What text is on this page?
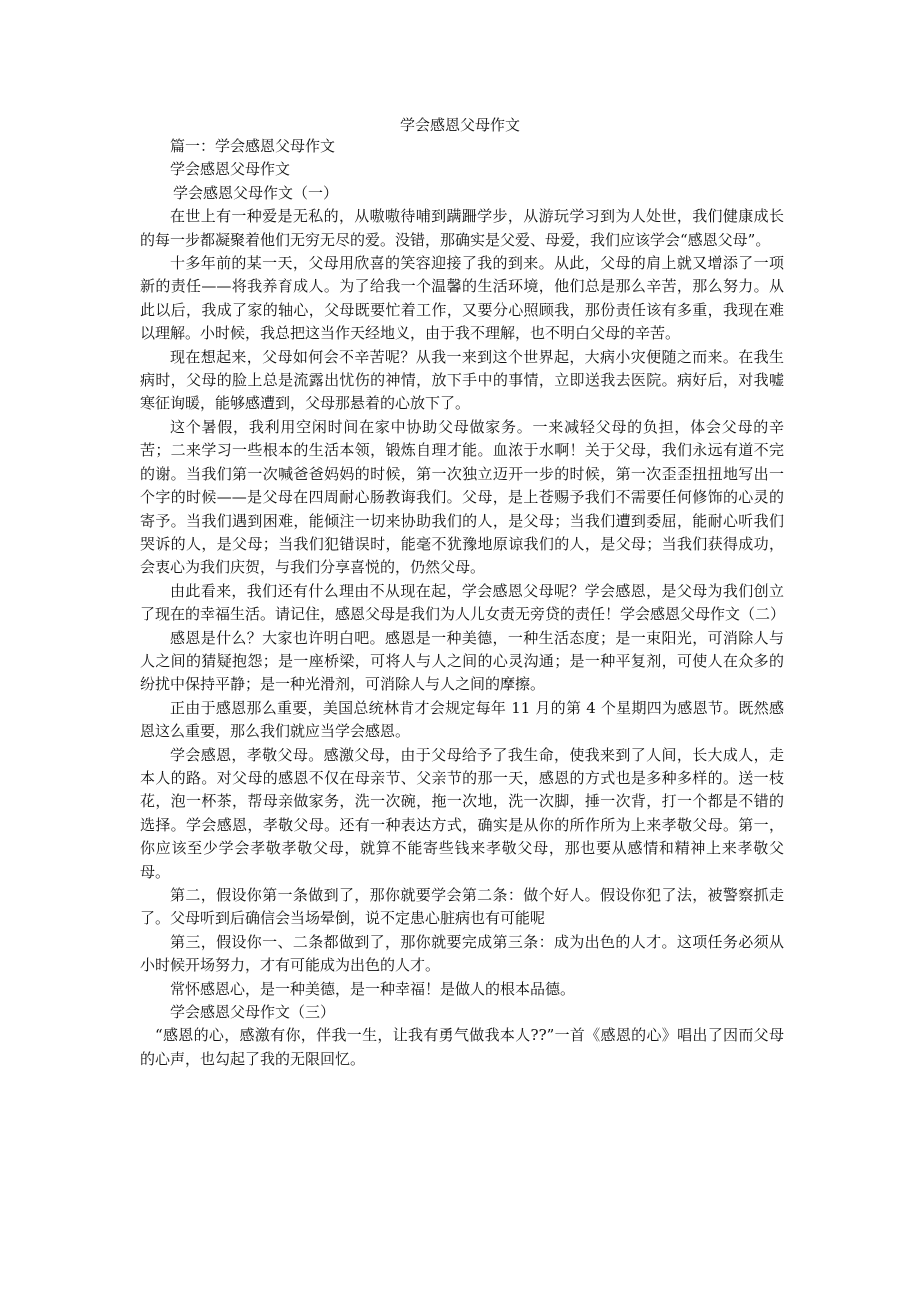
学会感恩父母作文

篇一：学会感恩父母作文

学会感恩父母作文

学会感恩父母作文（一）

在世上有一种爱是无私的，从嗷嗷待哺到蹒跚学步，从游玩学习到为人处世，我们健康成长的每一步都凝聚着他们无穷无尽的爱。没错，那确实是父爱、母爱，我们应该学会“感恩父母”。

十多年前的某一天，父母用欣喜的笑容迎接了我的到来。从此，父母的肩上就又增添了一项新的责任——将我养育成人。为了给我一个温馨的生活环境，他们总是那么辛苦，那么努力。从此以后，我成了家的轴心，父母既要忙着工作，又要分心照顾我，那份责任该有多重，我现在难以理解。小时候，我总把这当作天经地义，由于我不理解，也不明白父母的辛苦。

现在想起来，父母如何会不辛苦呢？从我一来到这个世界起，大病小灾便随之而来。在我生病时，父母的脸上总是流露出忧伤的神情，放下手中的事情，立即送我去医院。病好后，对我嘘寒征询暖，能够感遭到，父母那悬着的心放下了。

这个暑假，我利用空闲时间在家中协助父母做家务。一来减轻父母的负担，体会父母的辛苦；二来学习一些根本的生活本领，锻炼自理才能。血浓于水啊！关于父母，我们永远有道不完的谢。当我们第一次喊爸爸妈妈的时候，第一次独立迈开一步的时候，第一次歪歪扭扭地写出一个字的时候——是父母在四周耐心肠教诲我们。父母，是上苍赐予我们不需要任何修饰的心灵的寄予。当我们遇到困难，能倾注一切来协助我们的人，是父母；当我们遭到委屈，能耐心听我们哭诉的人，是父母；当我们犯错误时，能毫不犹豫地原谅我们的人，是父母；当我们获得成功，会衷心为我们庆贺，与我们分享喜悦的，仍然父母。

由此看来，我们还有什么理由不从现在起，学会感恩父母呢？学会感恩，是父母为我们创立了现在的幸福生活。请记住，感恩父母是我们为人儿女责无旁贷的责任！学会感恩父母作文（二）

感恩是什么？大家也许明白吧。感恩是一种美德，一种生活态度；是一束阳光，可消除人与人之间的猜疑抱怨；是一座桥梁，可将人与人之间的心灵沟通；是一种平复剂，可使人在众多的纷扰中保持平静；是一种光滑剂，可消除人与人之间的摩擦。

正由于感恩那么重要，美国总统林肯才会规定每年 11 月的第 4 个星期四为感恩节。既然感恩这么重要，那么我们就应当学会感恩。

学会感恩，孝敬父母。感激父母，由于父母给予了我生命，使我来到了人间，长大成人，走本人的路。对父母的感恩不仅在母亲节、父亲节的那一天，感恩的方式也是多种多样的。送一枝花，泡一杯茶，帮母亲做家务，洗一次碗，拖一次地，洗一次脚，捶一次背，打一个都是不错的选择。学会感恩，孝敬父母。还有一种表达方式，确实是从你的所作所为上来孝敬父母。第一，你应该至少学会孝敬孝敬父母，就算不能寄些钱来孝敬父母，那也要从感情和精神上来孝敬父母。

第二，假设你第一条做到了，那你就要学会第二条：做个好人。假设你犯了法，被警察抓走了。父母听到后确信会当场晕倒，说不定患心脏病也有可能呢

第三，假设你一、二条都做到了，那你就要完成第三条：成为出色的人才。这项任务必须从小时候开场努力，才有可能成为出色的人才。

常怀感恩心，是一种美德，是一种幸福！是做人的根本品德。

学会感恩父母作文（三）

“感恩的心，感激有你，伴我一生，让我有勇气做我本人??”一首《感恩的心》唱出了因而父母的心声，也勾起了我的无限回忆。
